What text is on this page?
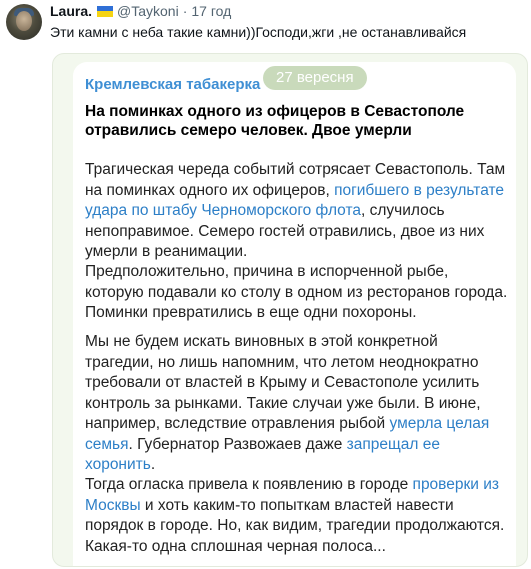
Laura. @Taykoni · 17 год
Эти камни с неба такие камни))Господи,жги ,не останавливайся
Кремлевская табакерка	27 вересня
На поминках одного из офицеров в Севастополе отравились семеро человек. Двое умерли
Трагическая череда событий сотрясает Севастополь. Там на поминках одного их офицеров, погибшего в результате удара по штабу Черноморского флота, случилось непоправимое. Семеро гостей отравились, двое из них умерли в реанимации.
Предположительно, причина в испорченной рыбе, которую подавали ко столу в одном из ресторанов города. Поминки превратились в еще одни похороны.
Мы не будем искать виновных в этой конкретной трагедии, но лишь напомним, что летом неоднократно требовали от властей в Крыму и Севастополе усилить контроль за рынками. Такие случаи уже были. В июне, например, вследствие отравления рыбой умерла целая семья. Губернатор Развожаев даже запрещал ее хоронить.
Тогда огласка привела к появлению в городе проверки из Москвы и хоть каким-то попыткам властей навести порядок в городе. Но, как видим, трагедии продолжаются. Какая-то одна сплошная черная полоса...
